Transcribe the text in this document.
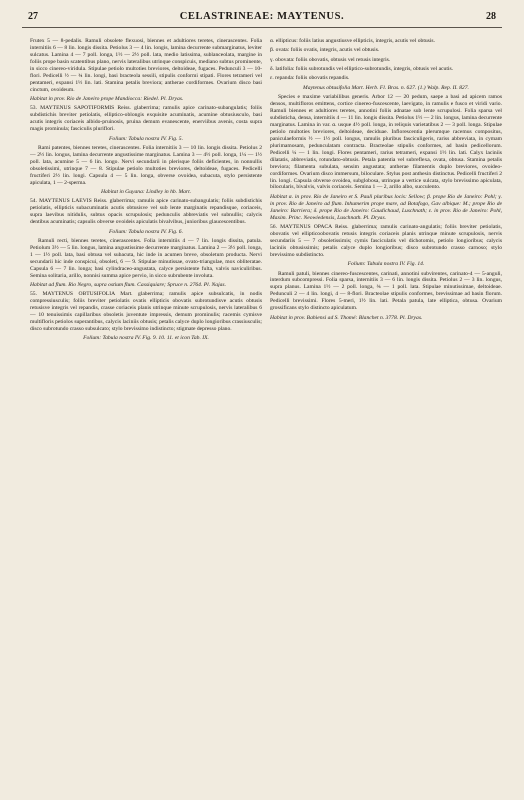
27	CELASTRINEAE: MAYTENUS.	28

Frutex 5 — 8-pedalis. Ramuli obsolete flexuosi, biennes et adultiores teretes, cinerascentes. Folia internitiis 6 — 8 lin. longis dissita. Petiolus 3 — 4 lin. longis, lamina decurrente submarginatus, leviter sulcatus. Lamina 4 — 7 poll. longa, 1½ — 2½ poll. lata, medio latissima, sublanceolata, margine in foliis prope basin scatentibus plano, nervis lateralibus utrinque conspicuis, mediano subtus prominente, in sicco cinereo-viridula. Stipulae petiolo multoties breviores, deltoideae, fugaces. Pedunculi 3 — 10-flori. Pedicelli ½ — ¾ lin. longi, basi bracteola sessili, stipulis conformi stipati. Flores tetrameri vel pentameri, expansi 1½ lin. lati. Stamina petalis breviora; antherae cordiformes. Ovarium disco basi cinctum, ovoideum.

Habitat in prov. Rio de Janeiro prope Mandiocca: Riedel. Pl. Dryas.

53. MAYTENUS SAPOTIFORMIS Reiss. glaberrima; ramulis apice carinato-subangulatis; foliis subdistichis breviter petiolatis, elliptico-oblongis exquisite acuminatis, acumine obtusiusculo, basi acutis integris coriaceis albido-pruinosis, pruina demum evanescente, enerviibus avenis, costa supra magis prominula; fasciculis pluriflori.

Folium: Tabula nostra IV. Fig. 5.

Rami patentes, biennes teretes, cinerascentes. Folia internitiis 3 — 10 lin. longis dissita. Petiolus 2 — 2½ lin. longus, lamina decurrente angustissime marginatus. Lamina 3 — 4½ poll. longa, 1¼ — 1½ poll. lata, acumine 5 — 6 lin. longo. Nervi secundarii in plerisque foliis deficientes, in nonnullis obsoletissimi, utrinque 7 — 8. Stipulae petiolo multoties breviores, deltoideae, fugaces. Pedicelli fructiferi 2½ lin. longi. Capsula 4 — 5 lin. longa, obverse ovoidea, subacuta, stylo persistente apiculata, 1 — 2-sperma.

Habitat in Guyana: Lindley in hb. Mart.

54. MAYTENUS LAEVIS Reiss. glaberrima; ramulis apice carinato-subangulatis; foliis subdistichis petiolatis, ellipticis subacuminatis acutis obtusisve vel sub lente marginatis repandisque, coriaceis, supra laevibus nitidulis, subtus opacis scrupulosis; pedunculis abbreviatis vel subnullis; calycis dentibus acuminatis; capsulis obverse ovoideis apiculatis bivalvibus, junioribus glaucescentibus.

Folium: Tabula nostra IV. Fig. 6.

Ramuli recti, biennes teretes, cinerascentes. Folia internitiis 4 — 7 lin. longis dissita, patula. Petiolum 3½ — 5 lin. longus, lamina angustissime decurrente marginatus. Lamina 2 — 3½ poll. longa, 1 — 1½ poll. lata, basi obtusa vel subacuta, hic inde in acumen breve, obsoletum producta. Nervi secundarii hic inde conspicui, obsoleti, 6 — 9. Stipulae minutissae, ovato-triangulae, mox obliteratae. Capsula 6 — 7 lin. longa; basi cylindraceo-angustata, calyce persistente fulta, valvis naviculiribus. Semina solitaria, arillo, nonnisi summa apice pervio, in sicco subrubente involuta.

Habitat ad flum. Rio Negro, supra ostium flum. Cassiquiare; Spruce n. 2764. Pl. Najas.

55. MAYTENUS OBTUSIFOLIA Mart. glaberrima; ramulis apice subsulcatis, in nodis compressiusculis; foliis breviter petiolatis ovatis ellipticis obovatis subrotundisve acutis obtusis retusisve integris vel repandis, crasse coriaceis planis utrinque minute scrupulosis, nervis lateralibus 6 — 10 tenuissimis capillaribus obsoletis juventute impressis, demum prominulis; racemis cymisve multifloris petiolos superantibus, calycis laciniis obtusis; petalis calyce duplo longioribus crassiusculis; disco subrotundo crasso subsulcato; stylo brevissimo indistincto; stigmate depresso plano.

Folium: Tabula nostra IV. Fig. 9. 10. 11. et icon Tab. IX.

α. ellipticus: foliis latius angustiusve ellipticis, integris, acutis vel obtusis.

β. ovata: foliis ovatis, integris, acutis vel obtusis.

γ. obovata: foliis obovatis, obtusis vel retusis integris.

δ. latifolia: foliis subrotundis vel elliptico-subrotundis, integris, obtusis vel acutis.

ε. repanda: foliis obovatis repandis.

Maytenus obtusifolia Mart. Herb. Fl. Bras. n. 627. (1.) Walp. Rep. II. 827.

Species e maxime variabilibus generis. Arbor 12 — 20 pedum, saepe a basi ad apicem ramos densos, multifloros emittens, cortice cinereo-fuscescente, laevigato, in ramulis e fusco et viridi vario. Ramuli biennes et adultiores teretes, annotini foliis adnatae sub lente scrupulosi. Folia sparsa vel subdisticha, densa, internitiis 4 — 11 lin. longis dissita. Petiolus 1½ — 2 lin. longus, lamina decurrente marginatus. Lamina in var. α. usque 4½ poll. longa, in reliquis varietatibus 2 — 3 poll. longa. Stipulae petiolo multoties breviores, deltoideae, deciduae. Inflorescentia plerumque racemus compositus, paniculaeformis ½ — 1½ poll. longus, ramulis pluribus fasciculigeris, rariss abbreviata, in cymam plurimamosam, pedunculatam contracta. Bracteolae stipulis conformes, ad basin pedicellorum. Pedicelli ¼ — 1 lin. longi. Flores pentameri, rarius tetrameri, expansi 1½ lin. lati. Calyx laciniis dilatatis, abbreviatis, rotundato-obtusis. Petala patentia vel subreflexa, ovata, obtusa. Stamina petalis breviora; filamenta subulata, sensim angustata; antherae filamentis duplo breviores, ovoideo-cordiformes. Ovarium disco immersum, biloculare. Stylus post anthesin distinctus. Pedicelli fructiferi 2 lin. longi. Capsula obverse ovoidea, subglobosa, utrinque a vertice sulcata, stylo brevissimo apiculata, bilocularis, bivalvis, valvis coriaceis. Semina 1 — 2, arillo albo, succulento.

Habitat α. in prov. Rio de Janeiro et S. Pauli pluribus locis: Sellow; β. prope Rio de Janeiro: Pohl; γ. in prov. Rio de Janeiro ad flum. Inhumerim prope mare, ad Botafogo, Gav albique: M.; prope Rio de Janeiro: Barriera; δ. prope Rio de Janeiro: Gaudichaud, Luschnath; ε. in prov. Rio de Janeiro: Pohl, Maxim. Princ. Neowiedensis, Luschnath. Pl. Dryas.

56. MAYTENUS OPACA Reiss. glaberrima; ramulis carinato-angulatis; foliis breviter petiolatis, obovatis vel ellipticoobovatis retusis integris coriaceis planis utrinque minute scrupulosis, nervis secundariis 5 — 7 obsoletissimis; cymis fasciculatis vel dichotomis, petiolo longioribus; calycis laciniis obtusissimis; petalis calyce duplo longioribus; disco subrotundo crasso carnoso; stylo brevissimo subdistincto.

Folium: Tabula nostra IV. Fig. 14.

Ramuli patuli, biennes cinereo-fuscescentes, carinati, annotini subvirentes, carinato-4 — 5-anguli, interdum subcompressi. Folia sparsa, internitiis 3 — 6 lin. longis dissita. Petiolus 2 — 3 lin. longus, supra planus. Lamina 1½ — 2 poll. longa, ¾ — 1 poll. lata. Stipulae minutissimae, deltoideae. Pedunculi 2 — 4 lin. longi, 4 — 8-flori. Bracteolae stipulis conformes, brevissimae ad basin florum. Pedicelli brevissimi. Flores 5-meri, 1½ lin. lati. Petala patula, late elliptica, obtusa. Ovarium grossificans stylo distincto apiculatum.

Habitat in prov. Bahiensi ad S. Thomé: Blanchet n. 3778. Pl. Dryas.
